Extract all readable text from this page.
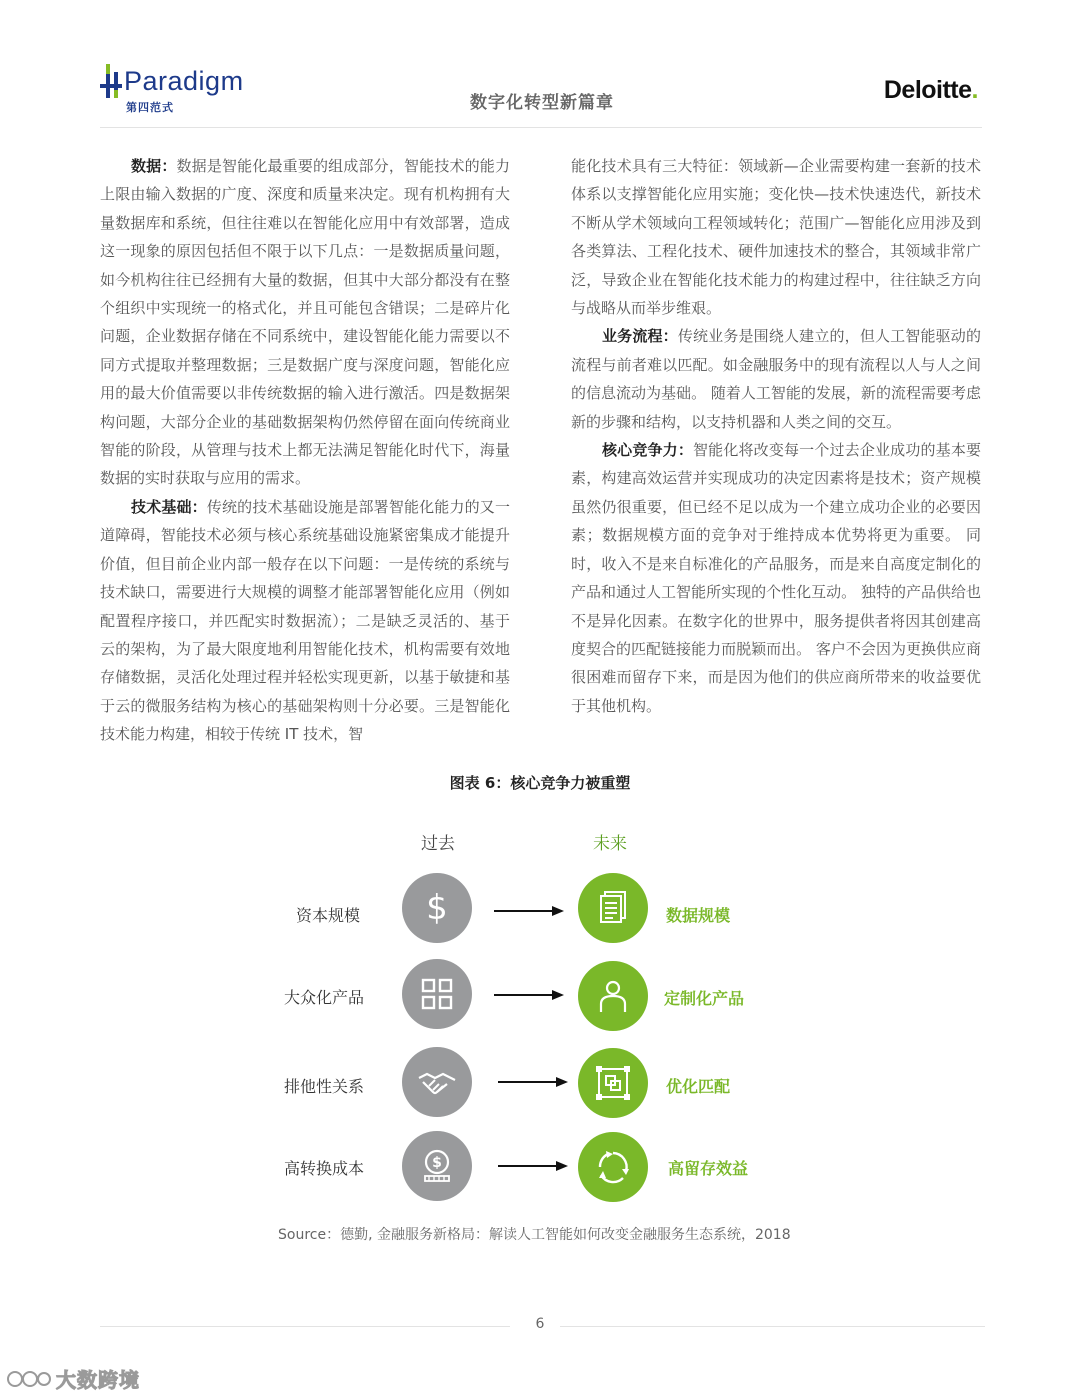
Paradigm
第四范式	数字化转型新篇章	Deloitte.

数据：数据是智能化最重要的组成部分，智能技术的能力上限由输入数据的广度、深度和质量来决定。现有机构拥有大量数据库和系统，但往往难以在智能化应用中有效部署，造成这一现象的原因包括但不限于以下几点：一是数据质量问题，如今机构往往已经拥有大量的数据，但其中大部分都没有在整个组织中实现统一的格式化，并且可能包含错误；二是碎片化问题，企业数据存储在不同系统中，建设智能化能力需要以不同方式提取并整理数据；三是数据广度与深度问题，智能化应用的最大价值需要以非传统数据的输入进行激活。四是数据架构问题，大部分企业的基础数据架构仍然停留在面向传统商业智能的阶段，从管理与技术上都无法满足智能化时代下，海量数据的实时获取与应用的需求。

技术基础：传统的技术基础设施是部署智能化能力的又一道障碍，智能技术必须与核心系统基础设施紧密集成才能提升价值，但目前企业内部一般存在以下问题：一是传统的系统与技术缺口，需要进行大规模的调整才能部署智能化应用（例如配置程序接口，并匹配实时数据流）；二是缺乏灵活的、基于云的架构，为了最大限度地利用智能化技术，机构需要有效地存储数据，灵活化处理过程并轻松实现更新，以基于敏捷和基于云的微服务结构为核心的基础架构则十分必要。三是智能化技术能力构建，相较于传统 IT 技术，智

能化技术具有三大特征：领域新—企业需要构建一套新的技术体系以支撑智能化应用实施；变化快—技术快速迭代，新技术不断从学术领域向工程领域转化；范围广—智能化应用涉及到各类算法、工程化技术、硬件加速技术的整合，其领域非常广泛，导致企业在智能化技术能力的构建过程中，往往缺乏方向与战略从而举步维艰。

业务流程：传统业务是围绕人建立的，但人工智能驱动的流程与前者难以匹配。如金融服务中的现有流程以人与人之间的信息流动为基础。 随着人工智能的发展，新的流程需要考虑新的步骤和结构，以支持机器和人类之间的交互。

核心竞争力：智能化将改变每一个过去企业成功的基本要素，构建高效运营并实现成功的决定因素将是技术；资产规模虽然仍很重要，但已经不足以成为一个建立成功企业的必要因素；数据规模方面的竞争对于维持成本优势将更为重要。 同时，收入不是来自标准化的产品服务，而是来自高度定制化的产品和通过人工智能所实现的个性化互动。 独特的产品供给也不是异化因素。在数字化的世界中，服务提供者将因其创建高度契合的匹配链接能力而脱颖而出。 客户不会因为更换供应商很困难而留存下来，而是因为他们的供应商所带来的收益要优于其他机构。

图表 6：核心竞争力被重塑
过去	未来
资本规模 $	数据规模
大众化产品	定制化产品
排他性关系	优化匹配
高转换成本	$	高留存效益
Source：德勤, 金融服务新格局：解读人工智能如何改变金融服务生态系统，2018
6
大数跨境
